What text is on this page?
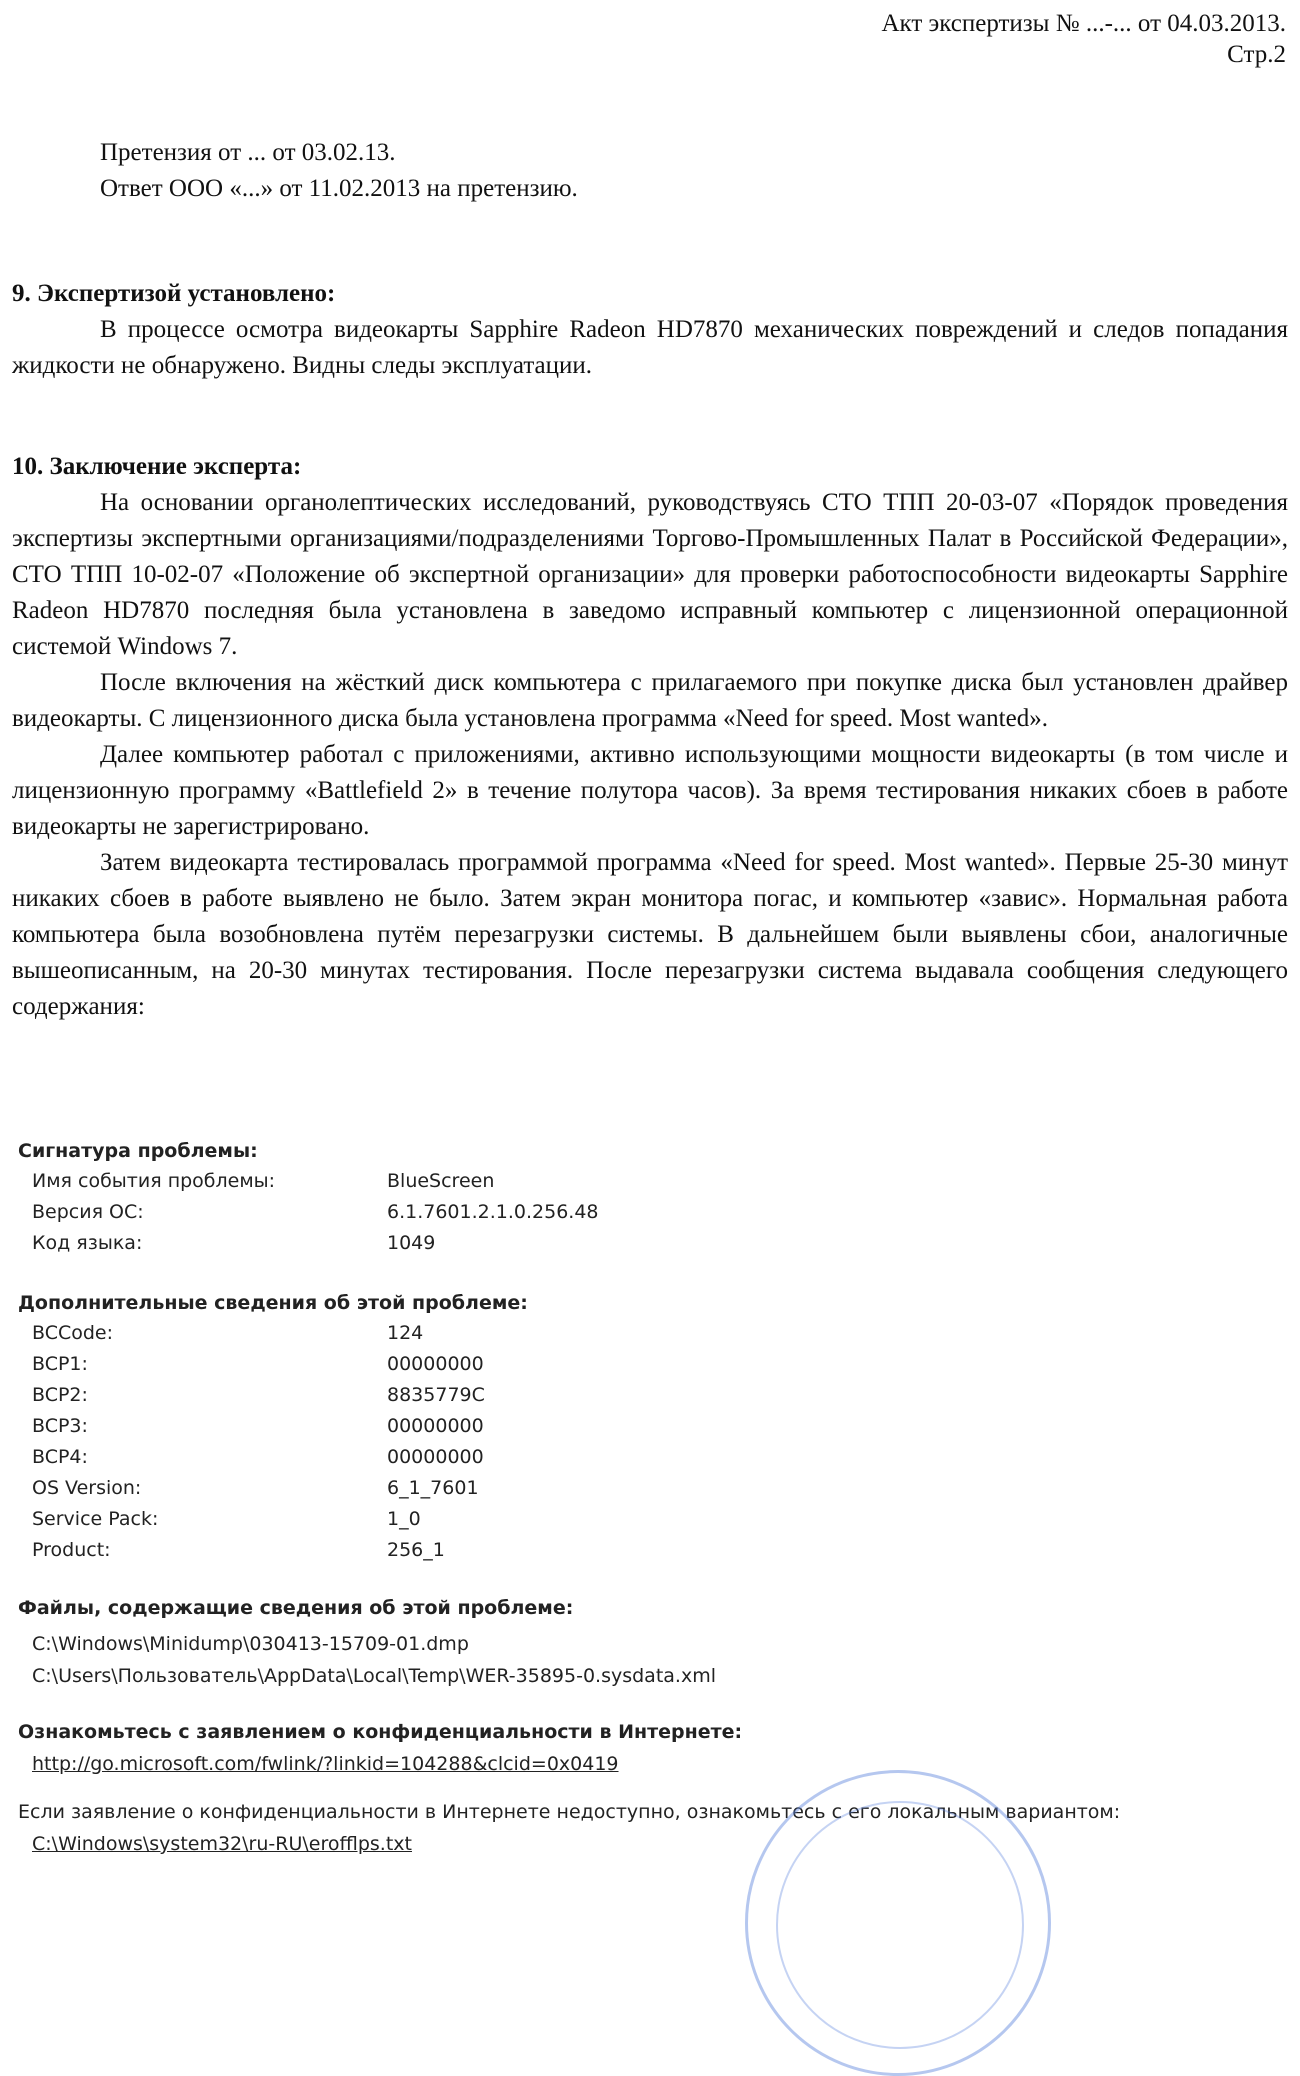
Акт экспертизы № ...-... от 04.03.2013.
Стр.2
Претензия от ... от 03.02.13.
Ответ ООО «...» от 11.02.2013 на претензию.
9. Экспертизой установлено:

В процессе осмотра видеокарты Sapphire Radeon HD7870 механических повреждений и следов попадания жидкости не обнаружено. Видны следы эксплуатации.

10. Заключение эксперта:

На основании органолептических исследований, руководствуясь СТО ТПП 20-03-07 «Порядок проведения экспертизы экспертными организациями/подразделениями Торгово-Промышленных Палат в Российской Федерации», СТО ТПП 10-02-07 «Положение об экспертной организации» для проверки работоспособности видеокарты Sapphire Radeon HD7870 последняя была установлена в заведомо исправный компьютер с лицензионной операционной системой Windows 7.

После включения на жёсткий диск компьютера с прилагаемого при покупке диска был установлен драйвер видеокарты. С лицензионного диска была установлена программа «Need for speed. Most wanted».

Далее компьютер работал с приложениями, активно использующими мощности видеокарты (в том числе и лицензионную программу «Battlefield 2» в течение полутора часов). За время тестирования никаких сбоев в работе видеокарты не зарегистрировано.

Затем видеокарта тестировалась программой программа «Need for speed. Most wanted». Первые 25-30 минут никаких сбоев в работе выявлено не было. Затем экран монитора погас, и компьютер «завис». Нормальная работа компьютера была возобновлена путём перезагрузки системы. В дальнейшем были выявлены сбои, аналогичные вышеописанным, на 20-30 минутах тестирования. После перезагрузки система выдавала сообщения следующего содержания:

Сигнатура проблемы:
Имя события проблемы:	BlueScreen
Версия ОС:	6.1.7601.2.1.0.256.48
Код языка:	1049
Дополнительные сведения об этой проблеме:
BCCode:	124
BCP1:	00000000
BCP2:	8835779C
BCP3:	00000000
BCP4:	00000000
OS Version:	6_1_7601
Service Pack:	1_0
Product:	256_1
Файлы, содержащие сведения об этой проблеме:
C:\Windows\Minidump\030413-15709-01.dmp
C:\Users\Пользователь\AppData\Local\Temp\WER-35895-0.sysdata.xml
Ознакомьтесь с заявлением о конфиденциальности в Интернете:
http://go.microsoft.com/fwlink/?linkid=104288&clcid=0x0419
Если заявление о конфиденциальности в Интернете недоступно, ознакомьтесь с его локальным вариантом:
C:\Windows\system32\ru-RU\erofflps.txt
